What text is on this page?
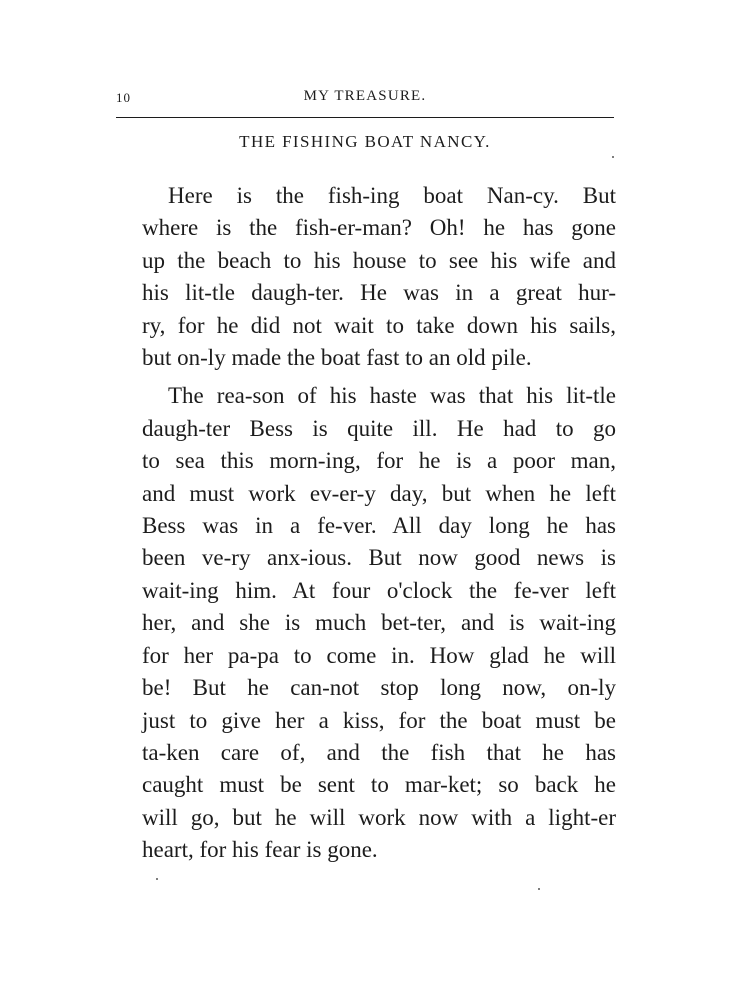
10	MY TREASURE.
THE FISHING BOAT NANCY.

Here is the fish-ing boat Nan-cy. But
where is the fish-er-man? Oh! he has gone
up the beach to his house to see his wife and
his lit-tle daugh-ter. He was in a great hur-
ry, for he did not wait to take down his sails,
but on-ly made the boat fast to an old pile.

The rea-son of his haste was that his lit-tle
daugh-ter Bess is quite ill. He had to go
to sea this morn-ing, for he is a poor man,
and must work ev-er-y day, but when he left
Bess was in a fe-ver. All day long he has
been ve-ry anx-ious. But now good news is
wait-ing him. At four o'clock the fe-ver left
her, and she is much bet-ter, and is wait-ing
for her pa-pa to come in. How glad he will
be! But he can-not stop long now, on-ly
just to give her a kiss, for the boat must be
ta-ken care of, and the fish that he has
caught must be sent to mar-ket; so back he
will go, but he will work now with a light-er
heart, for his fear is gone.
